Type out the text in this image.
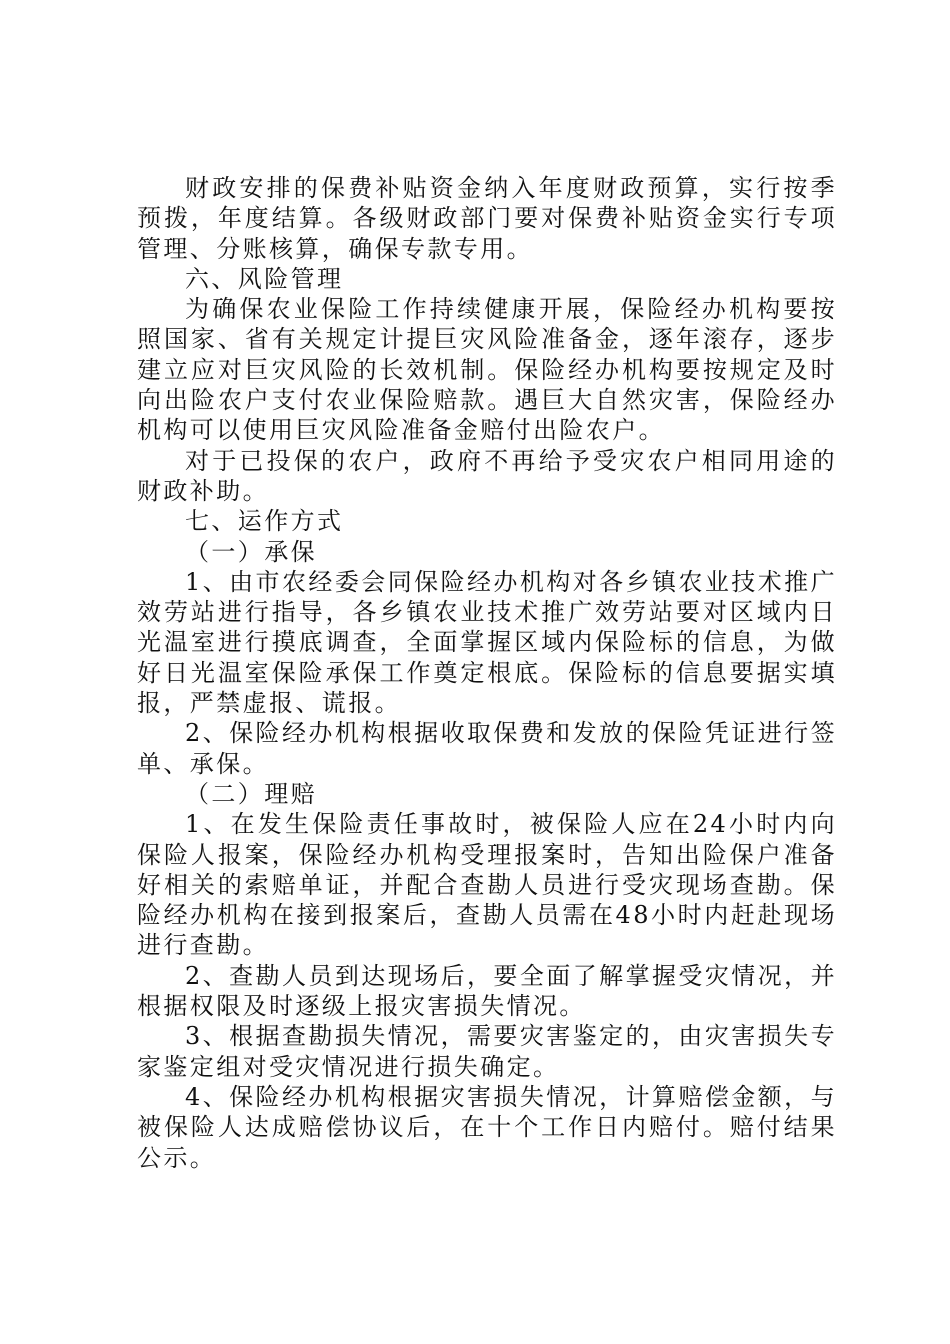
财政安排的保费补贴资金纳入年度财政预算，实行按季预拨，年度结算。各级财政部门要对保费补贴资金实行专项管理、分账核算，确保专款专用。

六、风险管理

为确保农业保险工作持续健康开展，保险经办机构要按照国家、省有关规定计提巨灾风险准备金，逐年滚存，逐步建立应对巨灾风险的长效机制。保险经办机构要按规定及时向出险农户支付农业保险赔款。遇巨大自然灾害，保险经办机构可以使用巨灾风险准备金赔付出险农户。

对于已投保的农户，政府不再给予受灾农户相同用途的财政补助。

七、运作方式

（一）承保

1、由市农经委会同保险经办机构对各乡镇农业技术推广效劳站进行指导，各乡镇农业技术推广效劳站要对区域内日光温室进行摸底调查，全面掌握区域内保险标的信息，为做好日光温室保险承保工作奠定根底。保险标的信息要据实填报，严禁虚报、谎报。

2、保险经办机构根据收取保费和发放的保险凭证进行签单、承保。

（二）理赔

1、在发生保险责任事故时，被保险人应在24小时内向保险人报案，保险经办机构受理报案时，告知出险保户准备好相关的索赔单证，并配合查勘人员进行受灾现场查勘。保险经办机构在接到报案后，查勘人员需在48小时内赶赴现场进行查勘。

2、查勘人员到达现场后，要全面了解掌握受灾情况，并根据权限及时逐级上报灾害损失情况。

3、根据查勘损失情况，需要灾害鉴定的，由灾害损失专家鉴定组对受灾情况进行损失确定。

4、保险经办机构根据灾害损失情况，计算赔偿金额，与被保险人达成赔偿协议后，在十个工作日内赔付。赔付结果公示。
